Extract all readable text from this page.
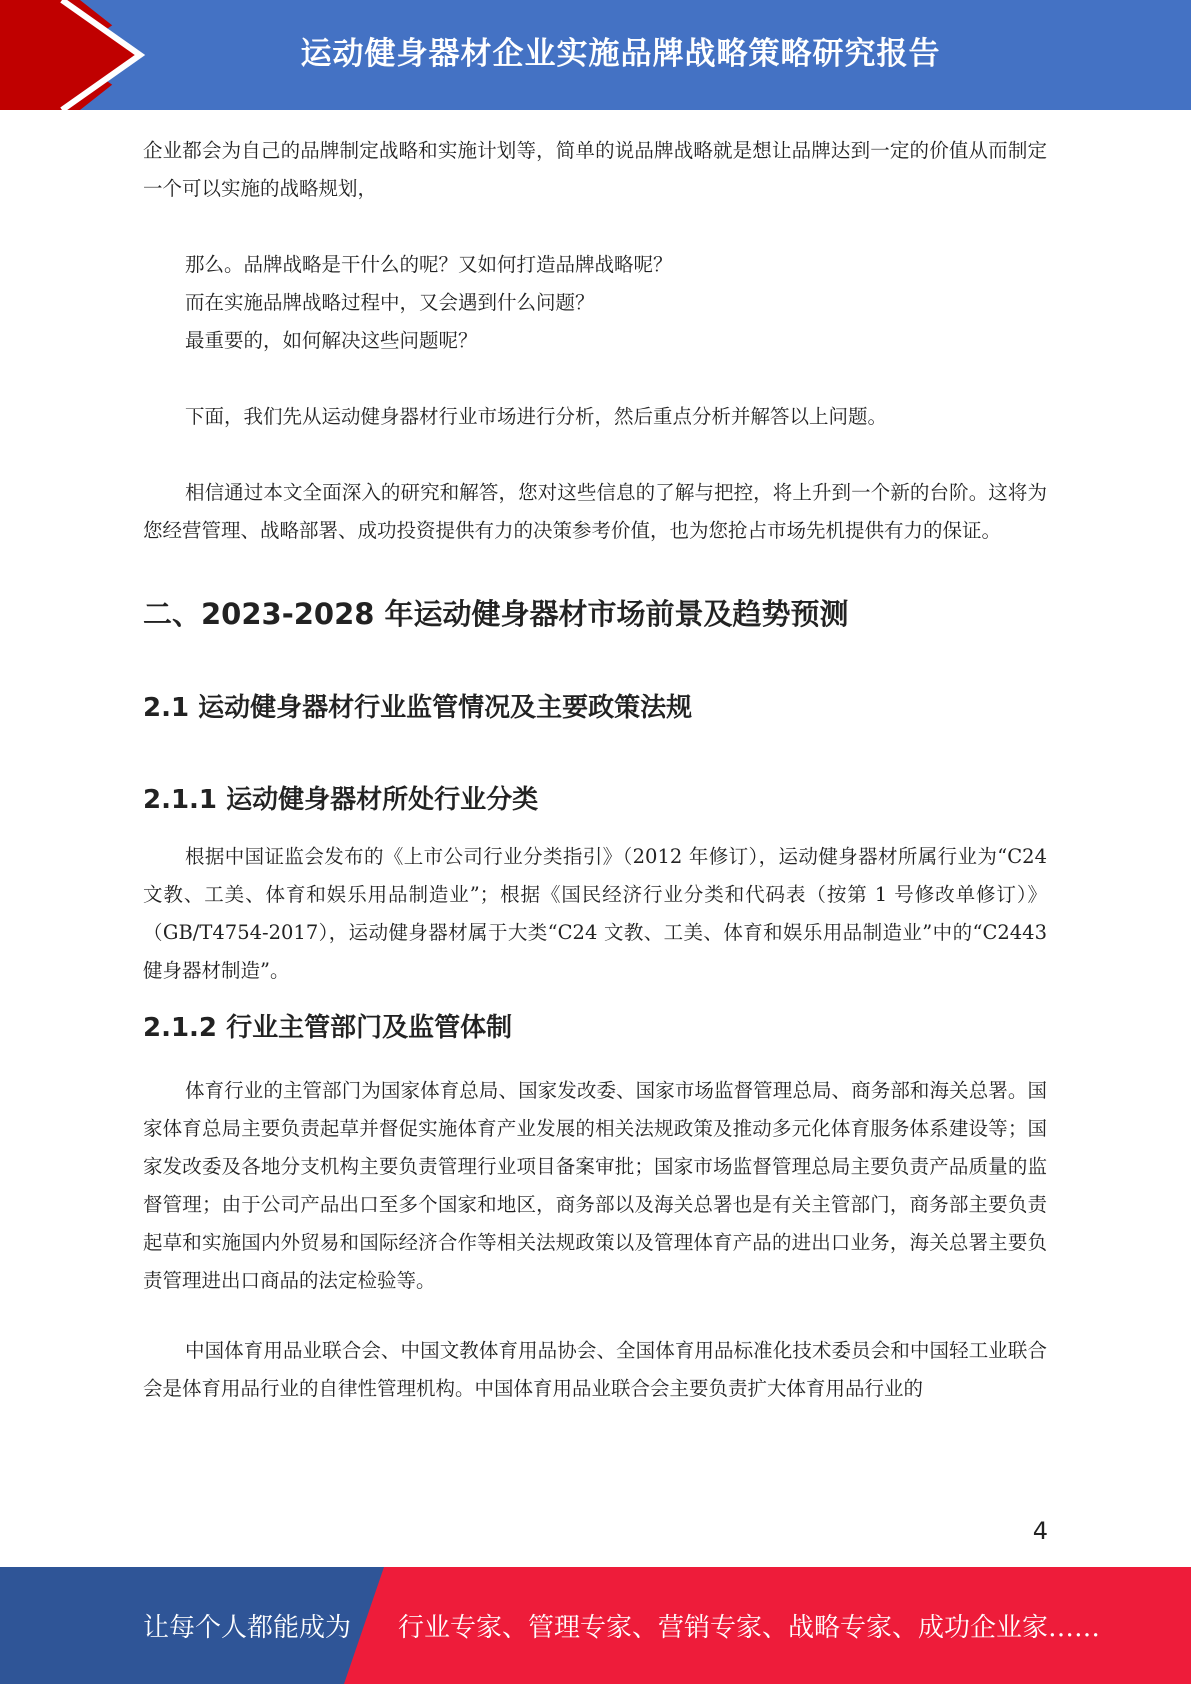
运动健身器材企业实施品牌战略策略研究报告

企业都会为自己的品牌制定战略和实施计划等，简单的说品牌战略就是想让品牌达到一定的价值从而制定一个可以实施的战略规划，

那么。品牌战略是干什么的呢？又如何打造品牌战略呢？

而在实施品牌战略过程中，又会遇到什么问题？

最重要的，如何解决这些问题呢？

下面，我们先从运动健身器材行业市场进行分析，然后重点分析并解答以上问题。

相信通过本文全面深入的研究和解答，您对这些信息的了解与把控，将上升到一个新的台阶。这将为您经营管理、战略部署、成功投资提供有力的决策参考价值，也为您抢占市场先机提供有力的保证。

二、2023-2028 年运动健身器材市场前景及趋势预测
2.1 运动健身器材行业监管情况及主要政策法规
2.1.1 运动健身器材所处行业分类

根据中国证监会发布的《上市公司行业分类指引》（2012 年修订），运动健身器材所属行业为“C24 文教、工美、体育和娱乐用品制造业”；根据《国民经济行业分类和代码表（按第 1 号修改单修订）》（GB/T4754-2017），运动健身器材属于大类“C24 文教、工美、体育和娱乐用品制造业”中的“C2443 健身器材制造”。

2.1.2 行业主管部门及监管体制

体育行业的主管部门为国家体育总局、国家发改委、国家市场监督管理总局、商务部和海关总署。国家体育总局主要负责起草并督促实施体育产业发展的相关法规政策及推动多元化体育服务体系建设等；国家发改委及各地分支机构主要负责管理行业项目备案审批；国家市场监督管理总局主要负责产品质量的监督管理；由于公司产品出口至多个国家和地区，商务部以及海关总署也是有关主管部门，商务部主要负责起草和实施国内外贸易和国际经济合作等相关法规政策以及管理体育产品的进出口业务，海关总署主要负责管理进出口商品的法定检验等。

中国体育用品业联合会、中国文教体育用品协会、全国体育用品标准化技术委员会和中国轻工业联合会是体育用品行业的自律性管理机构。中国体育用品业联合会主要负责扩大体育用品行业的

4
让每个人都能成为 行业专家、管理专家、营销专家、战略专家、成功企业家……
